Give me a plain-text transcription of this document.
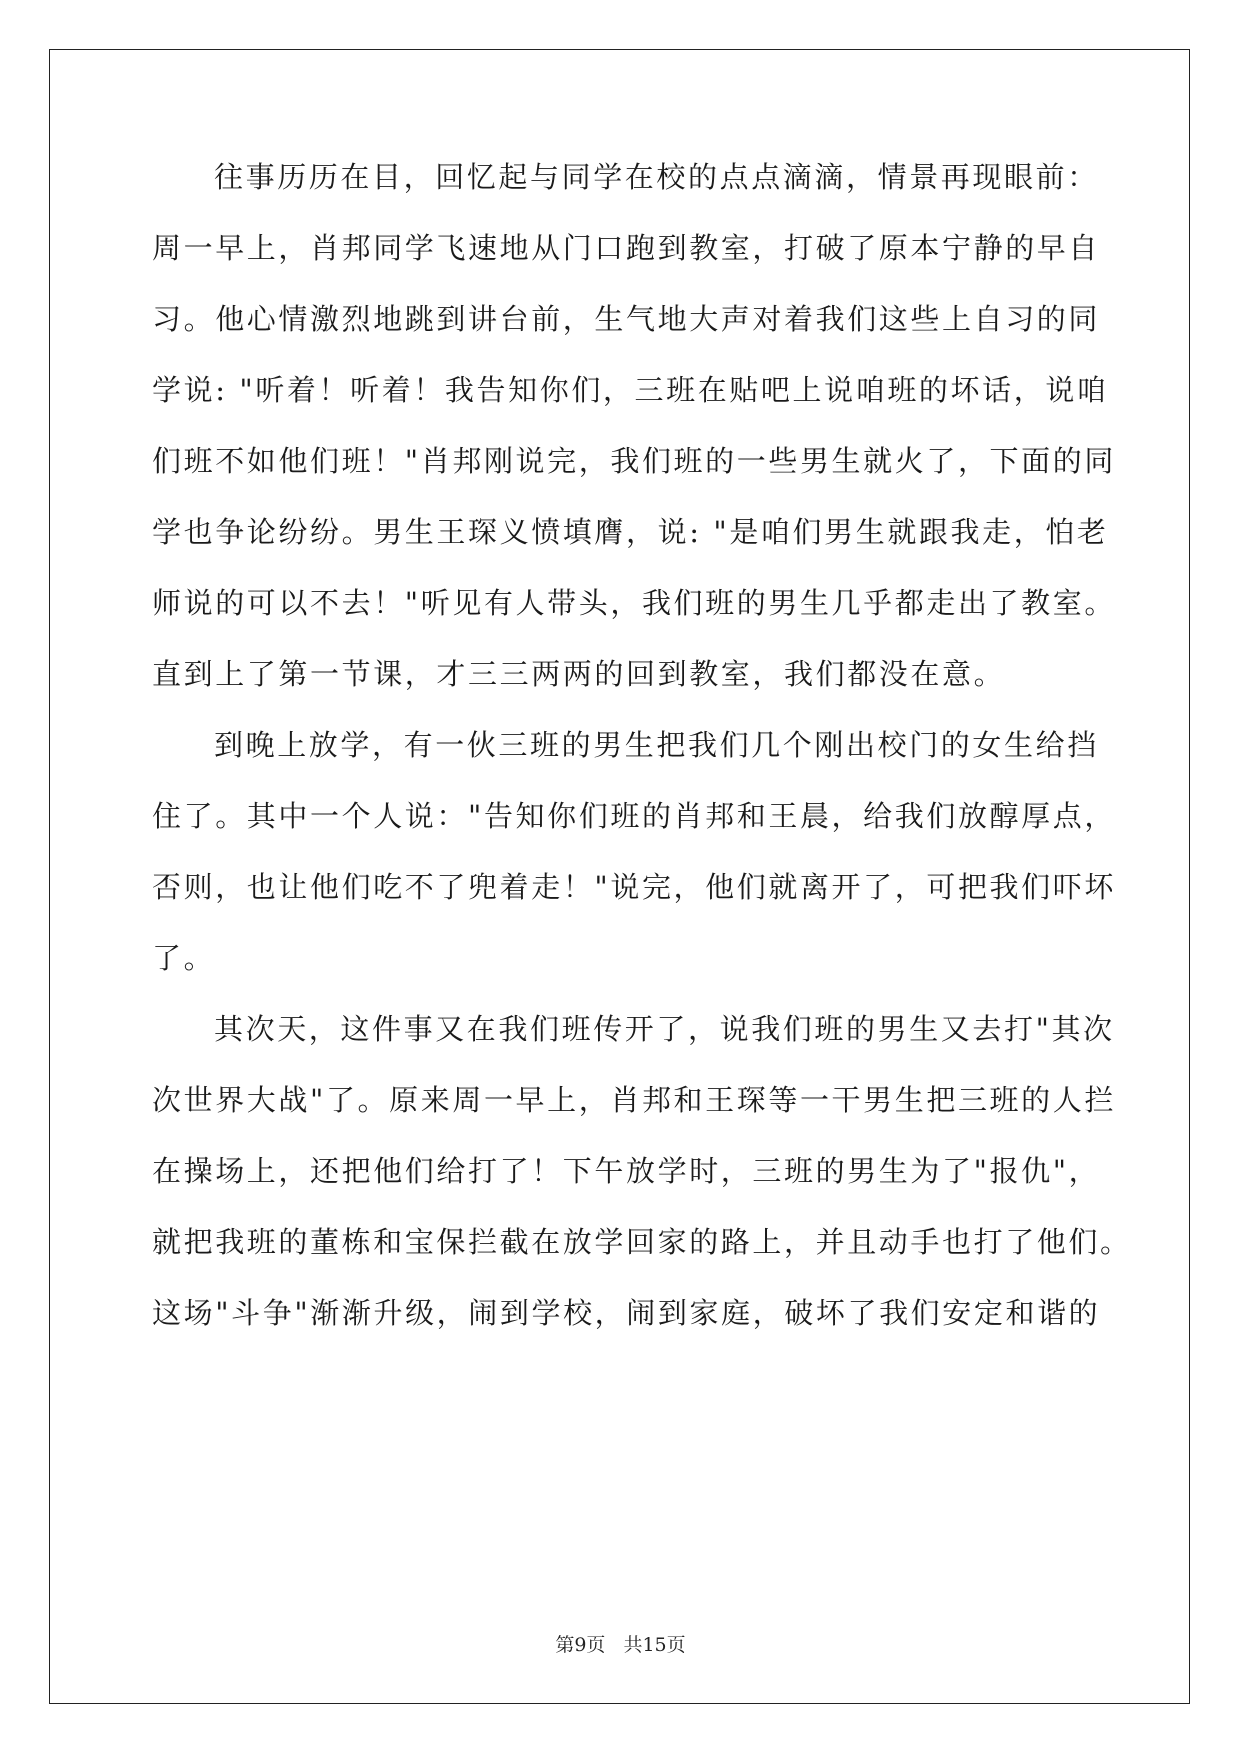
往事历历在目，回忆起与同学在校的点点滴滴，情景再现眼前：
周一早上，肖邦同学飞速地从门口跑到教室，打破了原本宁静的早自
习。他心情激烈地跳到讲台前，生气地大声对着我们这些上自习的同
学说: "听着！听着！我告知你们，三班在贴吧上说咱班的坏话，说咱
们班不如他们班！"肖邦刚说完，我们班的一些男生就火了，下面的同
学也争论纷纷。男生王琛义愤填膺，说: "是咱们男生就跟我走，怕老
师说的可以不去！"听见有人带头，我们班的男生几乎都走出了教室。
直到上了第一节课，才三三两两的回到教室，我们都没在意。
到晚上放学，有一伙三班的男生把我们几个刚出校门的女生给挡
住了。其中一个人说："告知你们班的肖邦和王晨，给我们放醇厚点，
否则，也让他们吃不了兜着走！"说完，他们就离开了，可把我们吓坏
了。
其次天，这件事又在我们班传开了，说我们班的男生又去打"其次
次世界大战"了。原来周一早上，肖邦和王琛等一干男生把三班的人拦
在操场上，还把他们给打了！下午放学时，三班的男生为了"报仇"，
就把我班的董栋和宝保拦截在放学回家的路上，并且动手也打了他们。
这场"斗争"渐渐升级，闹到学校，闹到家庭，破坏了我们安定和谐的
第9页 共15页
